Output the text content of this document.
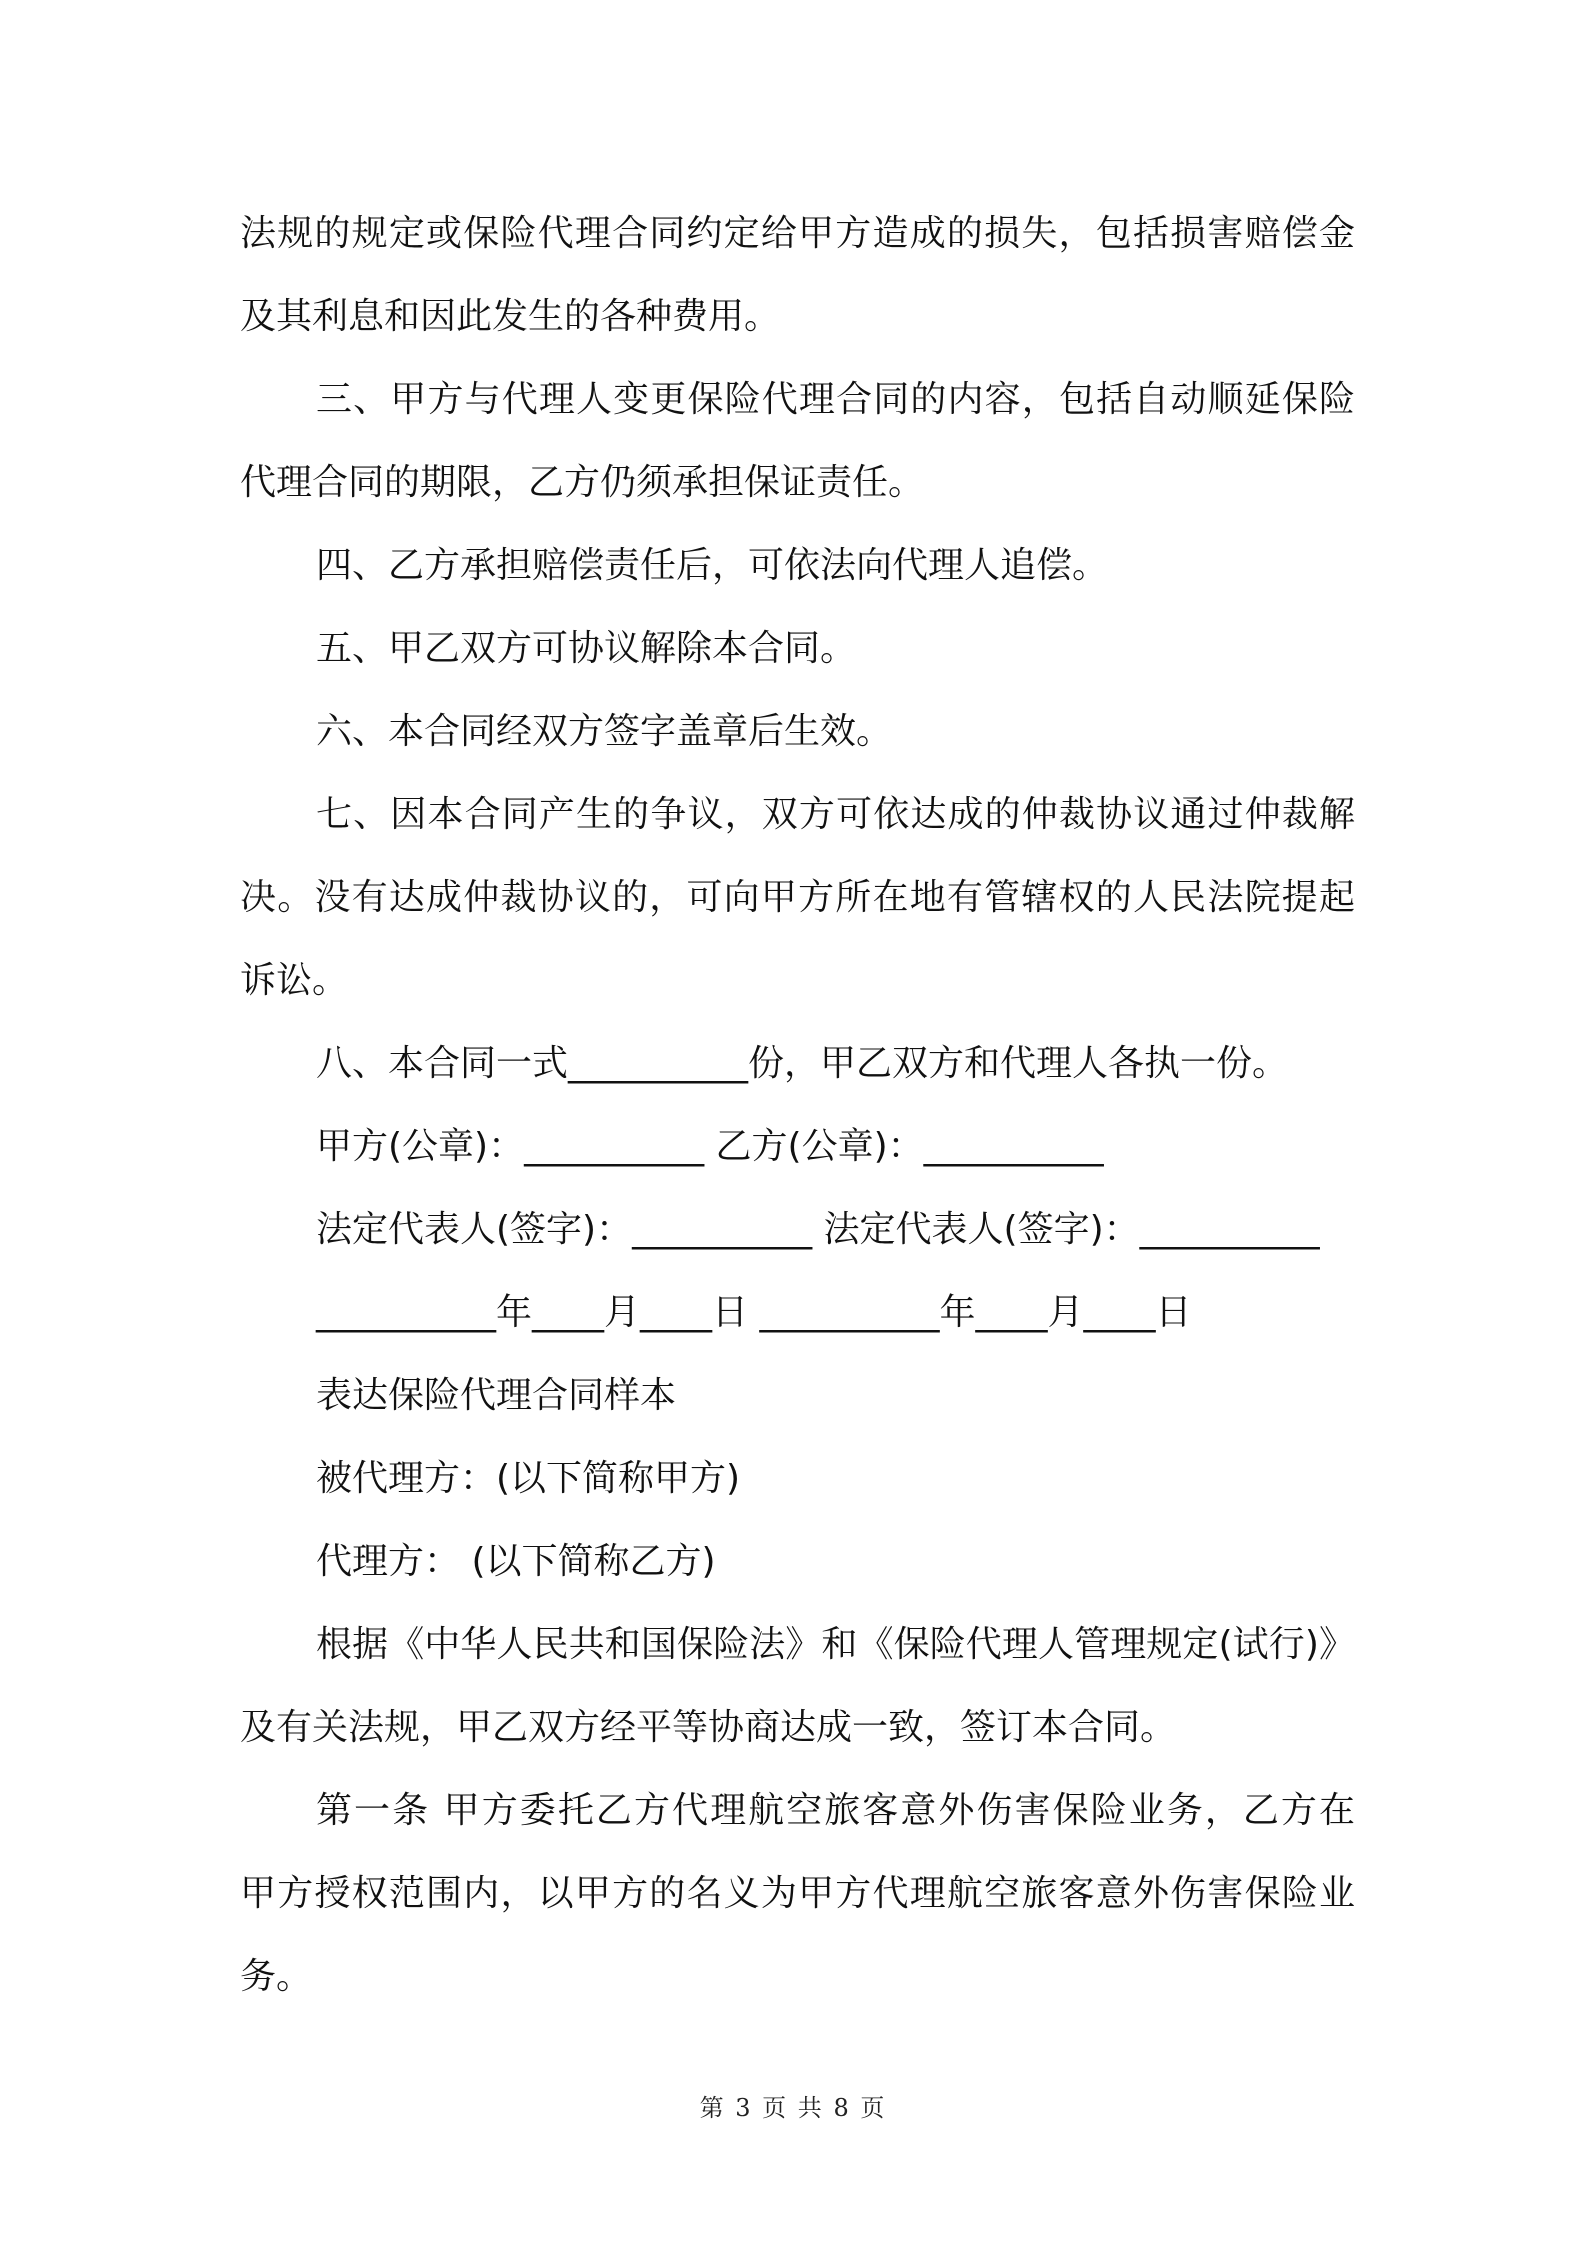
法规的规定或保险代理合同约定给甲方造成的损失，包括损害赔偿金
及其利息和因此发生的各种费用。
三、甲方与代理人变更保险代理合同的内容，包括自动顺延保险
代理合同的期限，乙方仍须承担保证责任。
四、乙方承担赔偿责任后，可依法向代理人追偿。
五、甲乙双方可协议解除本合同。
六、本合同经双方签字盖章后生效。
七、因本合同产生的争议，双方可依达成的仲裁协议通过仲裁解
决。没有达成仲裁协议的，可向甲方所在地有管辖权的人民法院提起
诉讼。
八、本合同一式__________份，甲乙双方和代理人各执一份。
甲方(公章)：__________ 乙方(公章)：__________
法定代表人(签字)：__________ 法定代表人(签字)：__________
__________年____月____日 __________年____月____日
表达保险代理合同样本
被代理方：(以下简称甲方)
代理方： (以下简称乙方)
根据《中华人民共和国保险法》和《保险代理人管理规定(试行)》
及有关法规，甲乙双方经平等协商达成一致，签订本合同。
第一条 甲方委托乙方代理航空旅客意外伤害保险业务，乙方在
甲方授权范围内，以甲方的名义为甲方代理航空旅客意外伤害保险业
务。
第 3 页 共 8 页
